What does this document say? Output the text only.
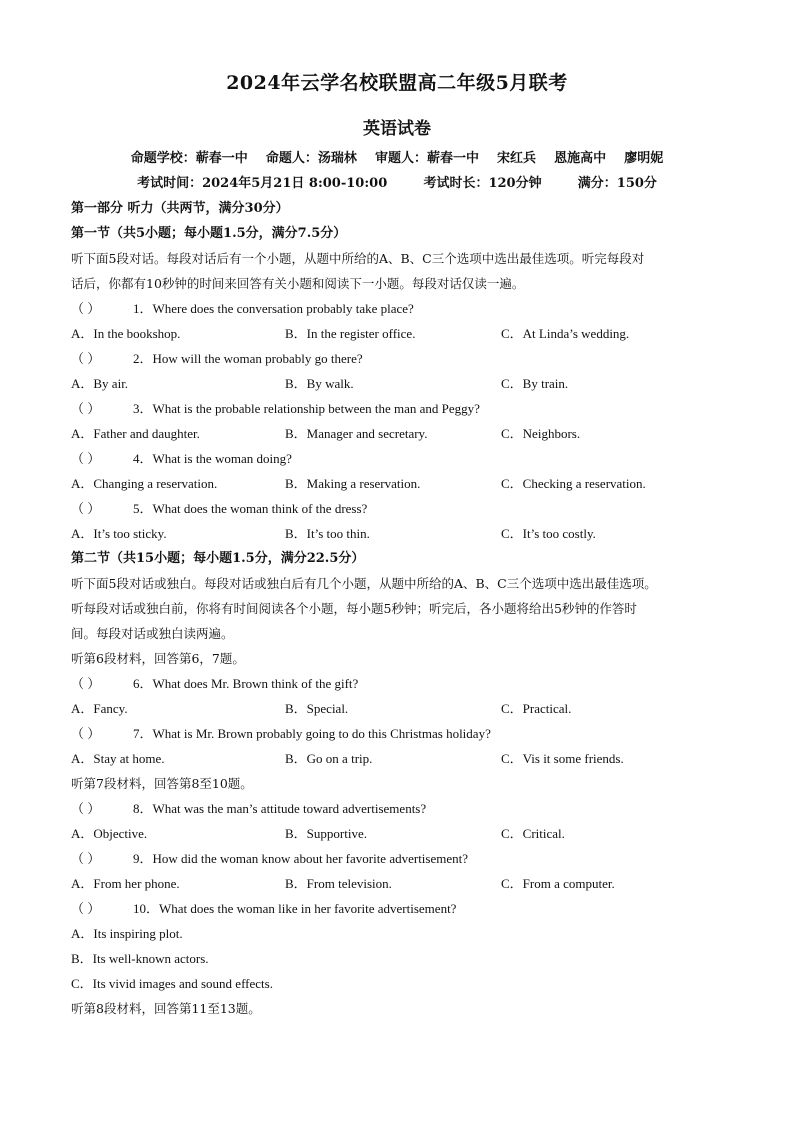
2024年云学名校联盟高二年级5月联考
英语试卷
命题学校：蕲春一中    命题人：汤瑞林    审题人：蕲春一中    宋红兵    恩施高中    廖明妮
考试时间：2024年5月21日 8:00-10:00        考试时长：120分钟        满分：150分
第一部分 听力（共两节，满分30分）
第一节（共5小题；每小题1.5分，满分7.5分）
听下面5段对话。每段对话后有一个小题，从题中所给的A、B、C三个选项中选出最佳选项。听完每段对
话后，你都有10秒钟的时间来回答有关小题和阅读下一小题。每段对话仅读一遍。
（ ）	1．Where does the conversation probably take place?
A．In the bookshop.	B．In the register office.	C．At Linda’s wedding.
（ ）	2．How will the woman probably go there?
A．By air.	B．By walk.	C．By train.
（ ）	3．What is the probable relationship between the man and Peggy?
A．Father and daughter.	B．Manager and secretary.	C．Neighbors.
（ ）	4．What is the woman doing?
A．Changing a reservation.	B．Making a reservation.	C．Checking a reservation.
（ ）	5．What does the woman think of the dress?
A．It’s too sticky.	B．It’s too thin.	C．It’s too costly.
第二节（共15小题；每小题1.5分，满分22.5分）
听下面5段对话或独白。每段对话或独白后有几个小题，从题中所给的A、B、C三个选项中选出最佳选项。
听每段对话或独白前，你将有时间阅读各个小题，每小题5秒钟；听完后，各小题将给出5秒钟的作答时
间。每段对话或独白读两遍。
听第6段材料，回答第6，7题。
（ ）	6．What does Mr. Brown think of the gift?
A．Fancy.	B．Special.	C．Practical.
（ ）	7．What is Mr. Brown probably going to do this Christmas holiday?
A．Stay at home.	B．Go on a trip.	C．Vis it some friends.
听第7段材料，回答第8至10题。
（ ）	8．What was the man’s attitude toward advertisements?
A．Objective.	B．Supportive.	C．Critical.
（ ）	9．How did the woman know about her favorite advertisement?
A．From her phone.	B．From television.	C．From a computer.
（ ）	10．What does the woman like in her favorite advertisement?
A．Its inspiring plot.
B．Its well-known actors.
C．Its vivid images and sound effects.
听第8段材料，回答第11至13题。
